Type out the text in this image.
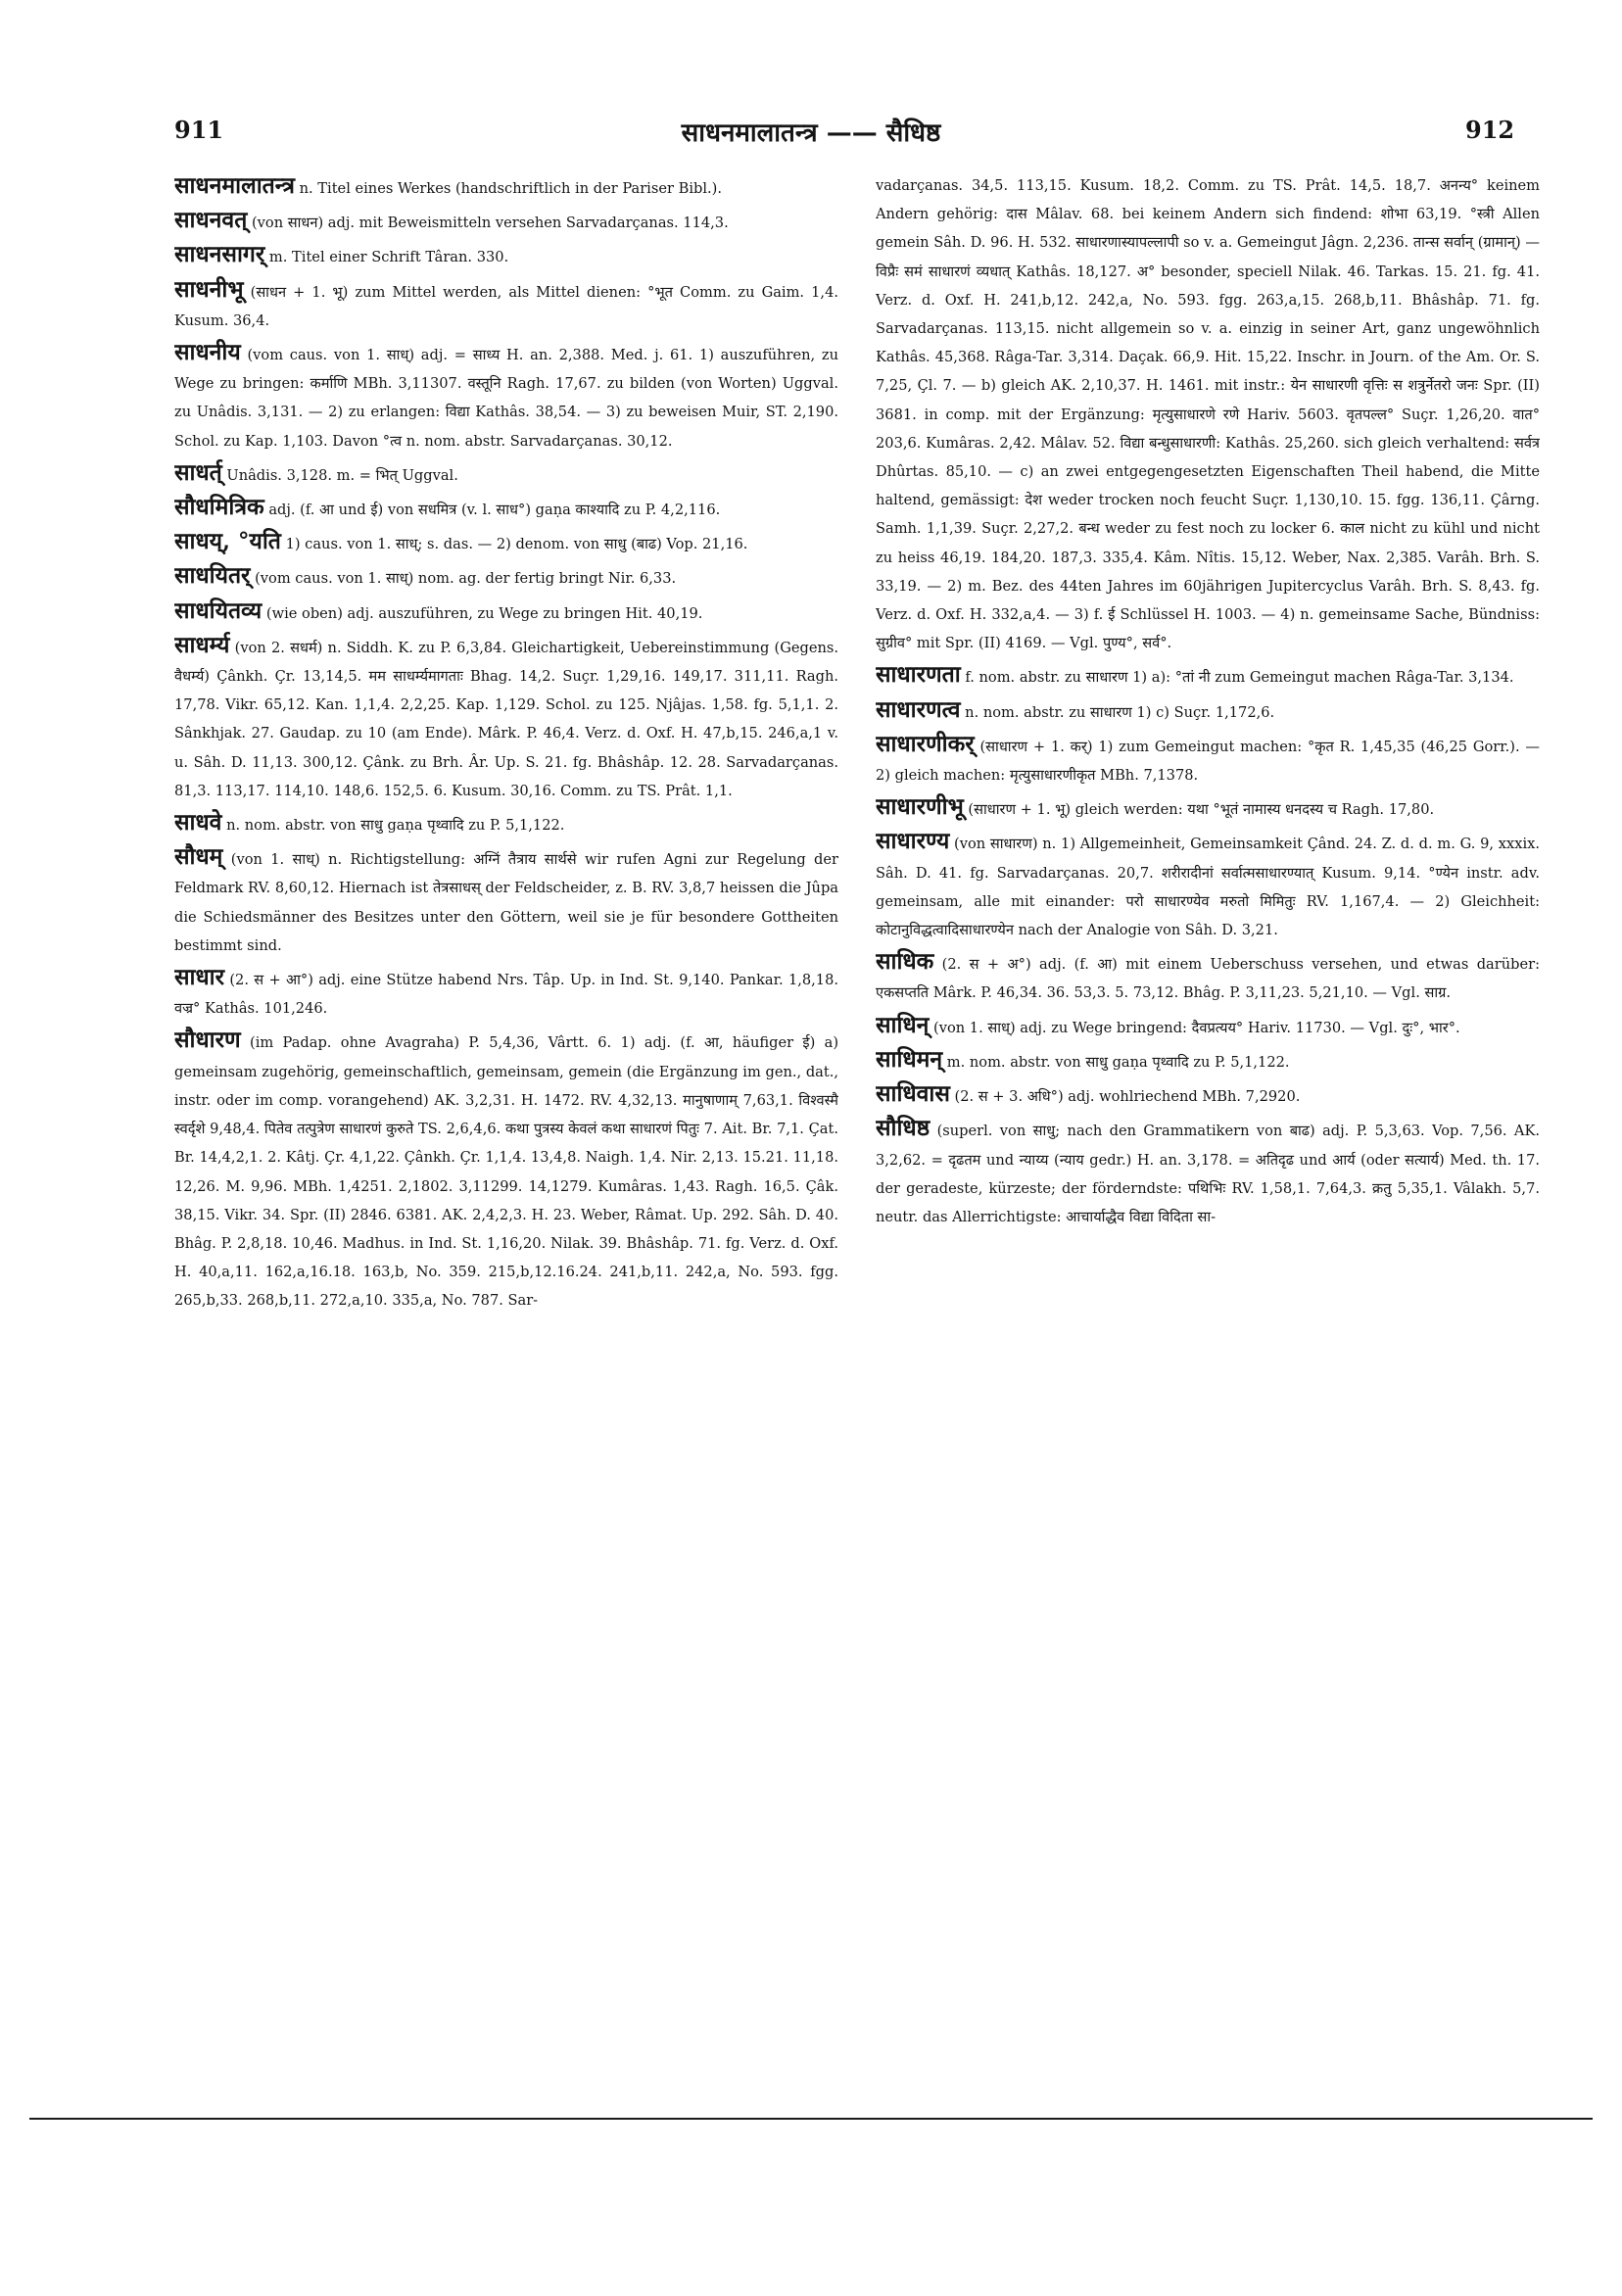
911	साधनमालातन्त्र —— सैधिष्ठ	912

साधनमालातन्त्र n. Titel eines Werkes (handschriftlich in der Pariser Bibl.).

साधनवत् (von साधन) adj. mit Beweismitteln versehen Sarvadarçanas. 114,3.

साधनसागर् m. Titel einer Schrift Târan. 330.

साधनीभू (साधन + 1. भू) zum Mittel werden, als Mittel dienen: °भूत Comm. zu Gaim. 1,4. Kusum. 36,4.

साधनीय (vom caus. von 1. साध्) adj. = साध्य H. an. 2,388. Med. j. 61. 1) auszuführen, zu Wege zu bringen: कर्माणि MBh. 3,11307. वस्तूनि Ragh. 17,67. zu bilden (von Worten) Uggval. zu Unâdis. 3,131. — 2) zu erlangen: विद्या Kathâs. 38,54. — 3) zu beweisen Muir, ST. 2,190. Schol. zu Kap. 1,103. Davon °त्व n. nom. abstr. Sarvadarçanas. 30,12.

साधर्त् Unâdis. 3,128. m. = भित् Uggval.

सौधमित्रिक adj. (f. आ und ई) von सधमित्र (v. l. साध°) gaṇa काश्यादि zu P. 4,2,116.

साधय्, °यति 1) caus. von 1. साध्; s. das. — 2) denom. von साधु (बाढ) Vop. 21,16.

साधयितर् (vom caus. von 1. साध्) nom. ag. der fertig bringt Nir. 6,33.

साधयितव्य (wie oben) adj. auszuführen, zu Wege zu bringen Hit. 40,19.

साधर्म्य (von 2. सधर्म) n. Siddh. K. zu P. 6,3,84. Gleichartigkeit, Uebereinstimmung (Gegens. वैधर्म्य) Çânkh. Çr. 13,14,5. मम साधर्म्यमागताः Bhag. 14,2. Suçr. 1,29,16. 149,17. 311,11. Ragh. 17,78. Vikr. 65,12. Kan. 1,1,4. 2,2,25. Kap. 1,129. Schol. zu 125. Njâjas. 1,58. fg. 5,1,1. 2. Sânkhjak. 27. Gaudap. zu 10 (am Ende). Mârk. P. 46,4. Verz. d. Oxf. H. 47,b,15. 246,a,1 v. u. Sâh. D. 11,13. 300,12. Çânk. zu Brh. Âr. Up. S. 21. fg. Bhâshâp. 12. 28. Sarvadarçanas. 81,3. 113,17. 114,10. 148,6. 152,5. 6. Kusum. 30,16. Comm. zu TS. Prât. 1,1.

साधवे n. nom. abstr. von साधु gaṇa पृथ्वादि zu P. 5,1,122.

सौधम् (von 1. साध्) n. Richtigstellung: अग्निं तैत्राय सार्थसे wir rufen Agni zur Regelung der Feldmark RV. 8,60,12. Hiernach ist तेत्रसाधस् der Feldscheider, z. B. RV. 3,8,7 heissen die Jûpa die Schiedsmänner des Besitzes unter den Göttern, weil sie je für besondere Gottheiten bestimmt sind.

साधार (2. स + आ°) adj. eine Stütze habend Nrs. Tâp. Up. in Ind. St. 9,140. Pankar. 1,8,18. वज्र° Kathâs. 101,246.

सौधारण (im Padap. ohne Avagraha) P. 5,4,36, Vârtt. 6. 1) adj. (f. आ, häufiger ई) a) gemeinsam zugehörig, gemeinschaftlich, gemeinsam, gemein (die Ergänzung im gen., dat., instr. oder im comp. vorangehend) AK. 3,2,31. H. 1472. RV. 4,32,13. मानुषाणाम् 7,63,1. विश्वस्मै स्वर्दृशे 9,48,4. पितेव तत्पुत्रेण साधारणं कुरुते TS. 2,6,4,6. कथा पुत्रस्य केवलं कथा साधारणं पितुः 7. Ait. Br. 7,1. Çat. Br. 14,4,2,1. 2. Kâtj. Çr. 4,1,22. Çânkh. Çr. 1,1,4. 13,4,8. Naigh. 1,4. Nir. 2,13. 15.21. 11,18. 12,26. M. 9,96. MBh. 1,4251. 2,1802. 3,11299. 14,1279. Kumâras. 1,43. Ragh. 16,5. Çâk. 38,15. Vikr. 34. Spr. (II) 2846. 6381. AK. 2,4,2,3. H. 23. Weber, Râmat. Up. 292. Sâh. D. 40. Bhâg. P. 2,8,18. 10,46. Madhus. in Ind. St. 1,16,20. Nilak. 39. Bhâshâp. 71. fg. Verz. d. Oxf. H. 40,a,11. 162,a,16.18. 163,b, No. 359. 215,b,12.16.24. 241,b,11. 242,a, No. 593. fgg. 265,b,33. 268,b,11. 272,a,10. 335,a, No. 787. Sar-

vadarçanas. 34,5. 113,15. Kusum. 18,2. Comm. zu TS. Prât. 14,5. 18,7. अनन्य° keinem Andern gehörig: दास Mâlav. 68. bei keinem Andern sich findend: शोभा 63,19. °स्त्री Allen gemein Sâh. D. 96. H. 532. साधारणास्यापल्लापी so v. a. Gemeingut Jâgn. 2,236. तान्स सर्वान् (ग्रामान्) — विप्रैः समं साधारणं व्यधात् Kathâs. 18,127. अ° besonder, speciell Nilak. 46. Tarkas. 15. 21. fg. 41. Verz. d. Oxf. H. 241,b,12. 242,a, No. 593. fgg. 263,a,15. 268,b,11. Bhâshâp. 71. fg. Sarvadarçanas. 113,15. nicht allgemein so v. a. einzig in seiner Art, ganz ungewöhnlich Kathâs. 45,368. Râga-Tar. 3,314. Daçak. 66,9. Hit. 15,22. Inschr. in Journ. of the Am. Or. S. 7,25, Çl. 7. — b) gleich AK. 2,10,37. H. 1461. mit instr.: येन साधारणी वृत्तिः स शत्रुर्नेतरो जनः Spr. (II) 3681. in comp. mit der Ergänzung: मृत्युसाधारणे रणे Hariv. 5603. वृतपल्ल° Suçr. 1,26,20. वात° 203,6. Kumâras. 2,42. Mâlav. 52. विद्या बन्धुसाधारणी: Kathâs. 25,260. sich gleich verhaltend: सर्वत्र Dhûrtas. 85,10. — c) an zwei entgegengesetzten Eigenschaften Theil habend, die Mitte haltend, gemässigt: देश weder trocken noch feucht Suçr. 1,130,10. 15. fgg. 136,11. Çârng. Samh. 1,1,39. Suçr. 2,27,2. बन्ध weder zu fest noch zu locker 6. काल nicht zu kühl und nicht zu heiss 46,19. 184,20. 187,3. 335,4. Kâm. Nîtis. 15,12. Weber, Nax. 2,385. Varâh. Brh. S. 33,19. — 2) m. Bez. des 44ten Jahres im 60jährigen Jupitercyclus Varâh. Brh. S. 8,43. fg. Verz. d. Oxf. H. 332,a,4. — 3) f. ई Schlüssel H. 1003. — 4) n. gemeinsame Sache, Bündniss: सुग्रीव° mit Spr. (II) 4169. — Vgl. पुण्य°, सर्व°.

साधारणता f. nom. abstr. zu साधारण 1) a): °तां नी zum Gemeingut machen Râga-Tar. 3,134.

साधारणत्व n. nom. abstr. zu साधारण 1) c) Suçr. 1,172,6.

साधारणीकर् (साधारण + 1. कर्) 1) zum Gemeingut machen: °कृत R. 1,45,35 (46,25 Gorr.). — 2) gleich machen: मृत्युसाधारणीकृत MBh. 7,1378.

साधारणीभू (साधारण + 1. भू) gleich werden: यथा °भूतं नामास्य धनदस्य च Ragh. 17,80.

साधारण्य (von साधारण) n. 1) Allgemeinheit, Gemeinsamkeit Çând. 24. Z. d. d. m. G. 9, xxxix. Sâh. D. 41. fg. Sarvadarçanas. 20,7. शरीरादीनां सर्वात्मसाधारण्यात् Kusum. 9,14. °ण्येन instr. adv. gemeinsam, alle mit einander: परो साधारण्येव मरुतो मिमितुः RV. 1,167,4. — 2) Gleichheit: कोटानुविद्धत्वादिसाधारण्येन nach der Analogie von Sâh. D. 3,21.

साधिक (2. स + अ°) adj. (f. आ) mit einem Ueberschuss versehen, und etwas darüber: एकसप्तति Mârk. P. 46,34. 36. 53,3. 5. 73,12. Bhâg. P. 3,11,23. 5,21,10. — Vgl. साग्र.

साधिन् (von 1. साध्) adj. zu Wege bringend: दैवप्रत्यय° Hariv. 11730. — Vgl. दुः°, भार°.

साधिमन् m. nom. abstr. von साधु gaṇa पृथ्वादि zu P. 5,1,122.

साधिवास (2. स + 3. अधि°) adj. wohlriechend MBh. 7,2920.

सौधिष्ठ (superl. von साधु; nach den Grammatikern von बाढ) adj. P. 5,3,63. Vop. 7,56. AK. 3,2,62. = दृढतम und न्याय्य (न्याय gedr.) H. an. 3,178. = अतिदृढ und आर्य (oder सत्यार्य) Med. th. 17. der geradeste, kürzeste; der förderndste: पथिभिः RV. 1,58,1. 7,64,3. क्रतु 5,35,1. Vâlakh. 5,7. neutr. das Allerrichtigste: आचार्याद्धैव विद्या विदिता सा-
